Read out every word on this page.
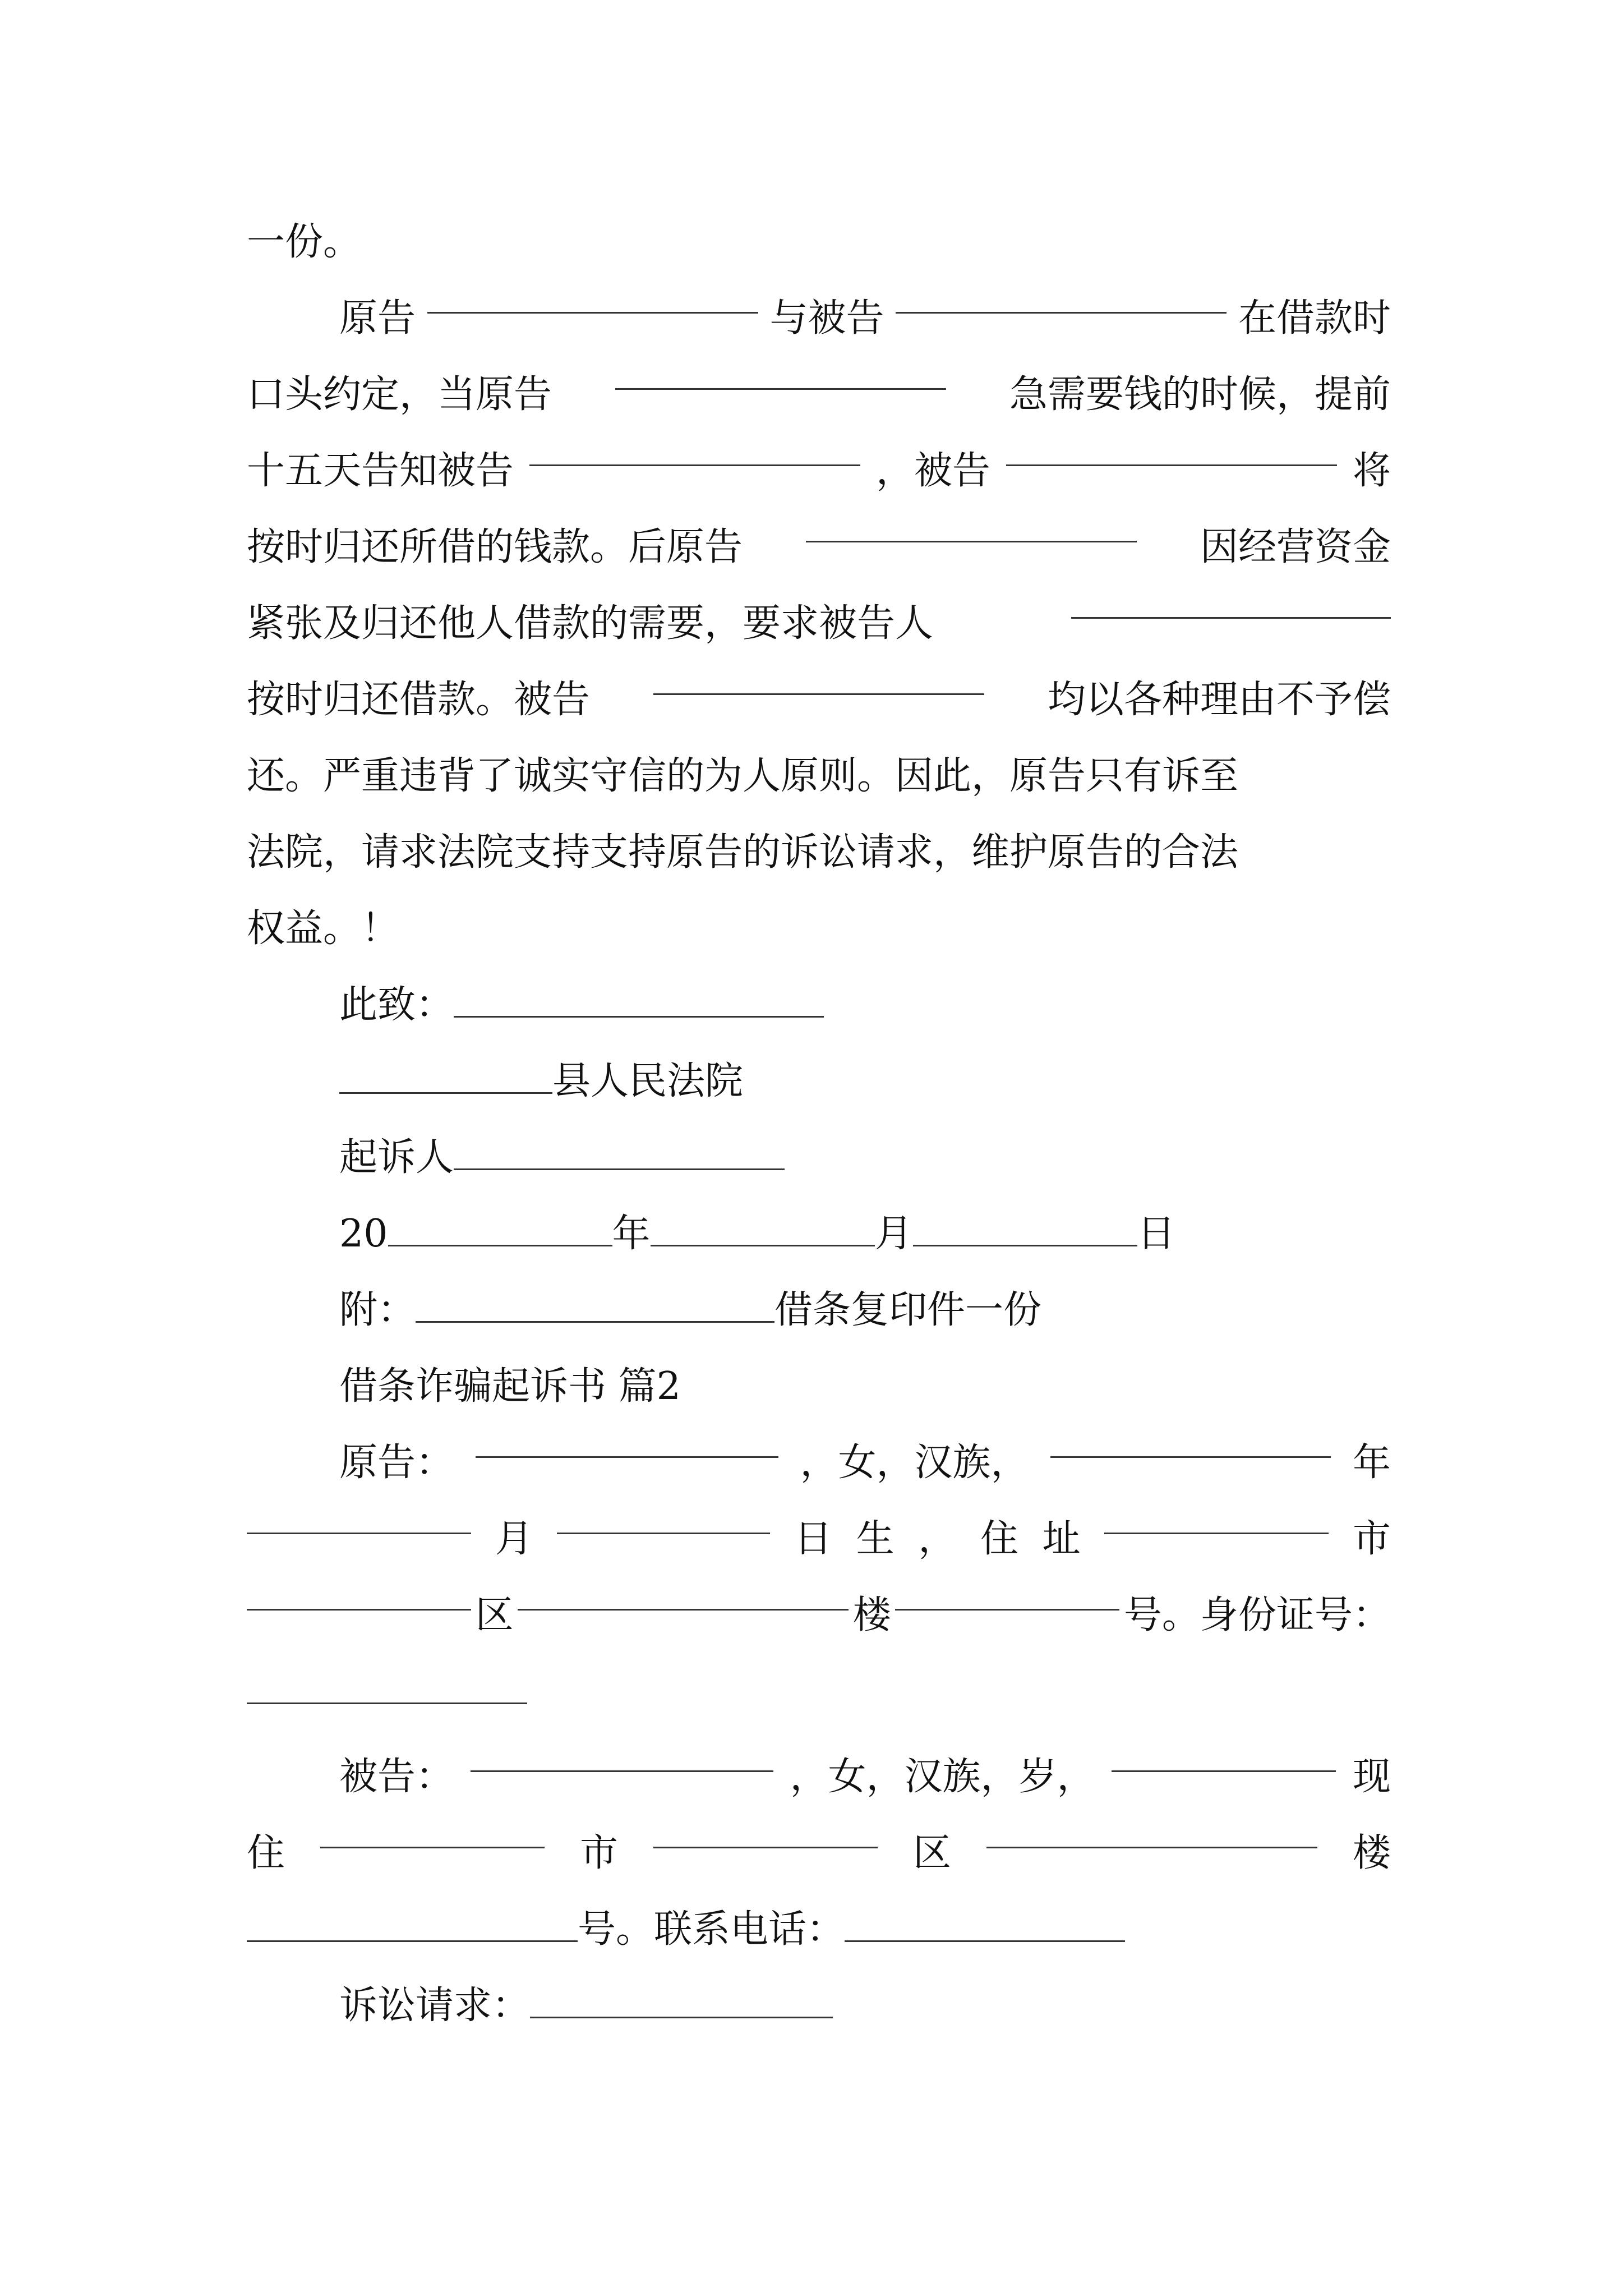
一份。
原告	与被告	在借款时
口头约定，当原告	急需要钱的时候，提前
十五天告知被告	，被告	将
按时归还所借的钱款。后原告	因经营资金
紧张及归还他人借款的需要，要求被告人
按时归还借款。被告	均以各种理由不予偿
还。严重违背了诚实守信的为人原则。因此，原告只有诉至
法院，请求法院支持支持原告的诉讼请求，维护原告的合法
权益。！
此致：
县人民法院
起诉人
20	年	月	日
附：	借条复印件一份
借条诈骗起诉书 篇2
原告：	，女，汉族，	年
月	日 生 ， 住 址	市
区	楼	号。身份证号：
被告：	，女，汉族，岁，	现
住	市	区	楼
号。联系电话：
诉讼请求：
